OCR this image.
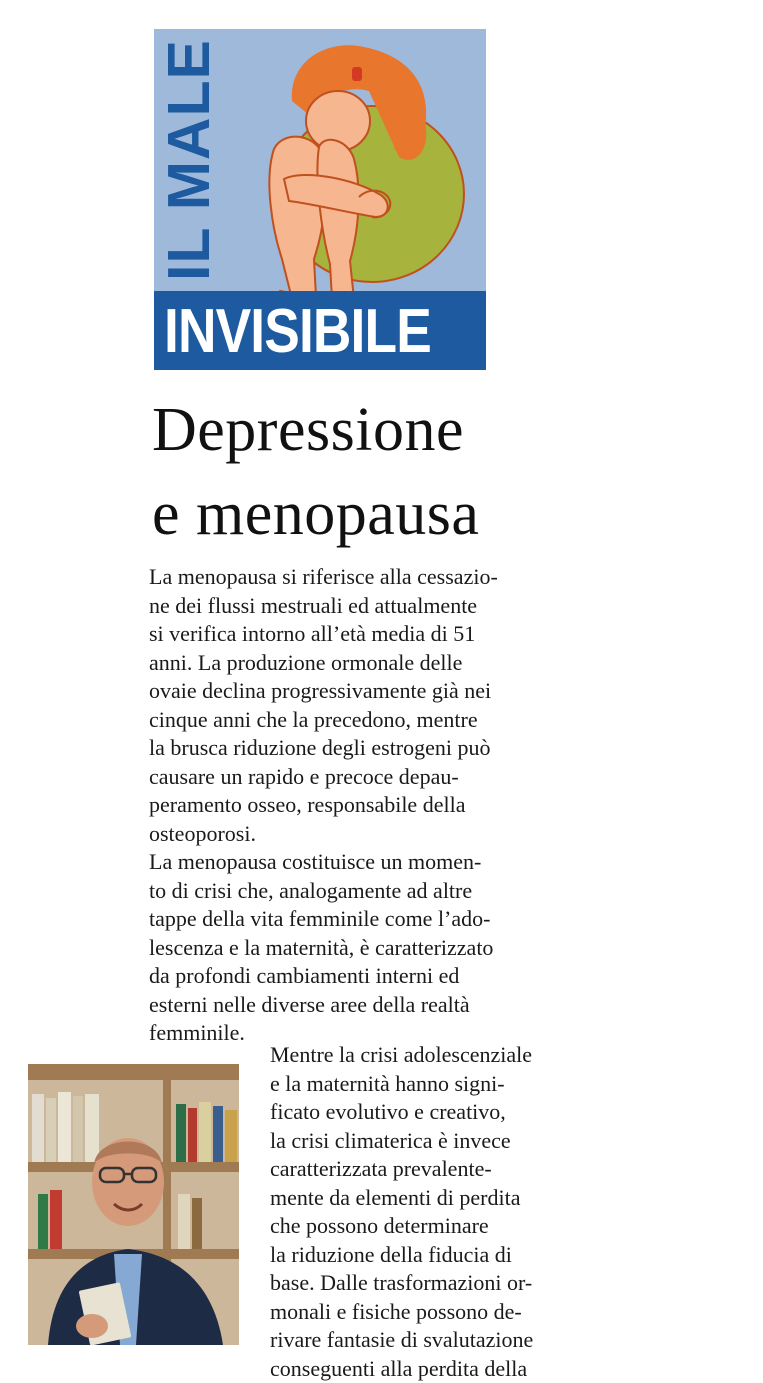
IL MALE
INVISIBILE
Depressione
e menopausa
La menopausa si riferisce alla cessazio-
ne dei flussi mestruali ed attualmente
si verifica intorno all’età media di 51
anni. La produzione ormonale delle
ovaie declina progressivamente già nei
cinque anni che la precedono, mentre
la brusca riduzione degli estrogeni può
causare un rapido e precoce depau-
peramento osseo, responsabile della
osteoporosi.
La menopausa costituisce un momen-
to di crisi che, analogamente ad altre
tappe della vita femminile come l’ado-
lescenza e la maternità, è caratterizzato
da profondi cambiamenti interni ed
esterni nelle diverse aree della realtà
femminile.
Mentre la crisi adolescenziale
e la maternità hanno signi-
ficato evolutivo e creativo,
la crisi climaterica è invece
caratterizzata prevalente-
mente da elementi di perdita
che possono determinare
la riduzione della fiducia di
base. Dalle trasformazioni or-
monali e fisiche possono de-
rivare fantasie di svalutazione
conseguenti alla perdita della
